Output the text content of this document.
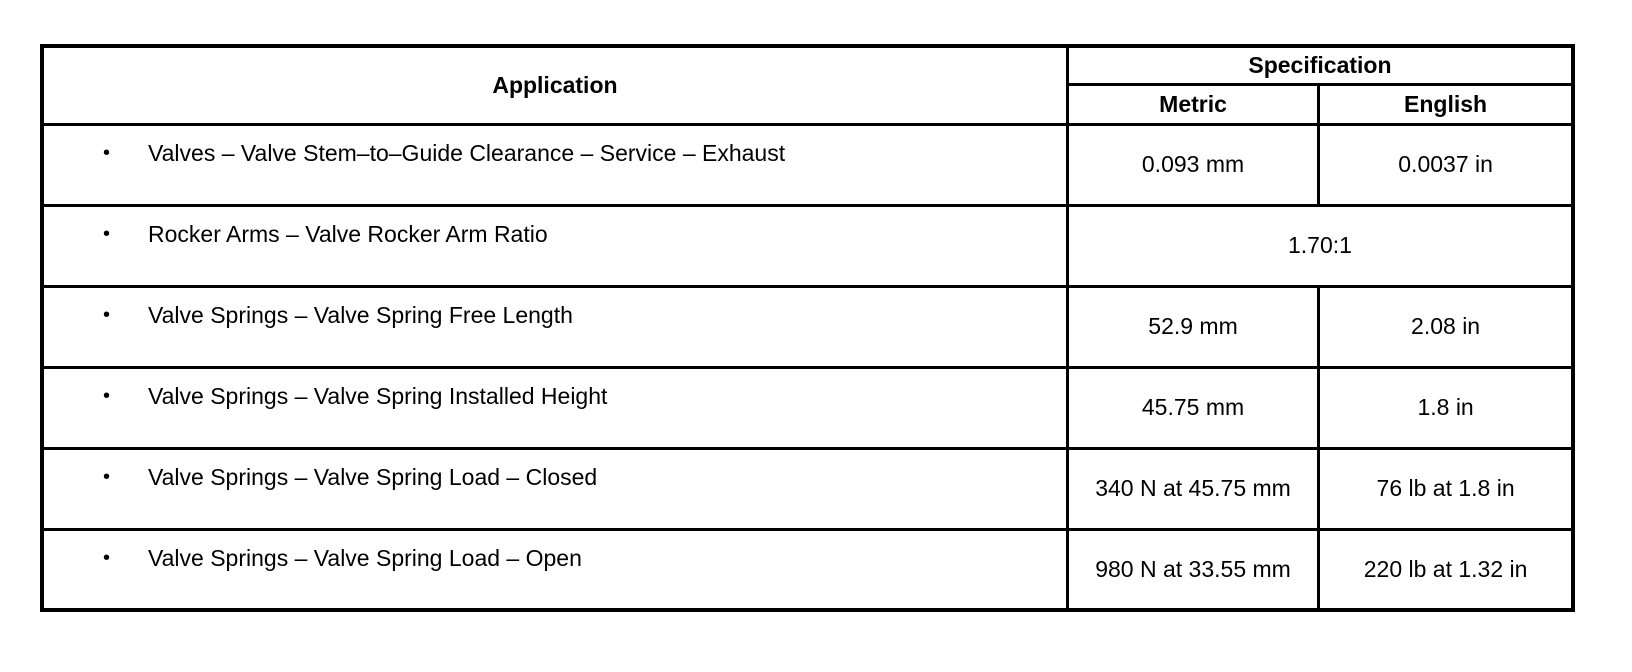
Application	Specification	
	Metric	English

• Valves – Valve Stem–to–Guide Clearance – Service – Exhaust	0.093 mm	0.0037 in

• Rocker Arms – Valve Rocker Arm Ratio	1.70:1	

• Valve Springs – Valve Spring Free Length	52.9 mm	2.08 in

• Valve Springs – Valve Spring Installed Height	45.75 mm	1.8 in

• Valve Springs – Valve Spring Load – Closed	340 N at 45.75 mm	76 lb at 1.8 in

• Valve Springs – Valve Spring Load – Open	980 N at 33.55 mm	220 lb at 1.32 in
